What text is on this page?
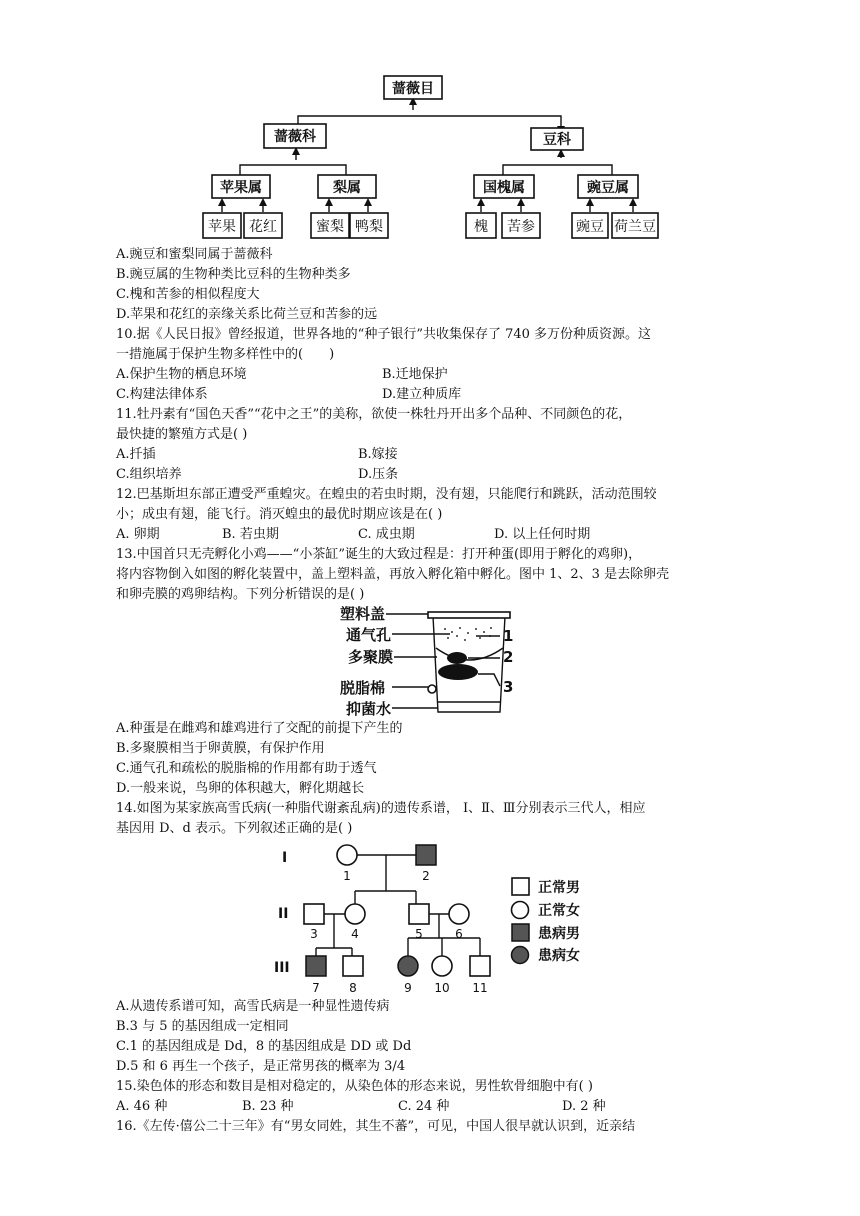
蔷薇目
蔷薇科	豆科
苹果属	梨属	国槐属	豌豆属
苹果 花红	蜜梨 鸭梨	槐 苦参	豌豆 荷兰豆
A.豌豆和蜜梨同属于蔷薇科
B.豌豆属的生物种类比豆科的生物种类多
C.槐和苦参的相似程度大
D.苹果和花红的亲缘关系比荷兰豆和苦参的远
10.据《人民日报》曾经报道，世界各地的“种子银行”共收集保存了 740 多万份种质资源。这
一措施属于保护生物多样性中的(　　)
A.保护生物的栖息环境	B.迁地保护
C.构建法律体系	D.建立种质库
11.牡丹素有“国色天香”“花中之王”的美称，欲使一株牡丹开出多个品种、不同颜色的花，
最快捷的繁殖方式是( )
A.扦插	B.嫁接
C.组织培养	D.压条
12.巴基斯坦东部正遭受严重蝗灾。在蝗虫的若虫时期，没有翅，只能爬行和跳跃，活动范围较
小；成虫有翅，能飞行。消灭蝗虫的最优时期应该是在( )
A. 卵期	B. 若虫期	C. 成虫期	D. 以上任何时期
13.中国首只无壳孵化小鸡——“小茶缸”诞生的大致过程是：打开种蛋(即用于孵化的鸡卵)，
将内容物倒入如图的孵化装置中，盖上塑料盖，再放入孵化箱中孵化。图中 1、2、3 是去除卵壳
和卵壳膜的鸡卵结构。下列分析错误的是( )
塑料盖
通气孔
多聚膜
脱脂棉
抑菌水
1
2
3
A.种蛋是在雌鸡和雄鸡进行了交配的前提下产生的
B.多聚膜相当于卵黄膜，有保护作用
C.通气孔和疏松的脱脂棉的作用都有助于透气
D.一般来说，鸟卵的体积越大，孵化期越长
14.如图为某家族高雪氏病(一种脂代谢紊乱病)的遗传系谱， Ⅰ、Ⅱ、Ⅲ分别表示三代人，相应
基因用 D、d 表示。下列叙述正确的是( )
I
II
III
1	2
3	4	5	6
7 8	9 10 11
正常男
正常女
患病男
患病女
A.从遗传系谱可知，高雪氏病是一种显性遗传病
B.3 与 5 的基因组成一定相同
C.1 的基因组成是 Dd，8 的基因组成是 DD 或 Dd
D.5 和 6 再生一个孩子，是正常男孩的概率为 3/4
15.染色体的形态和数目是相对稳定的，从染色体的形态来说，男性软骨细胞中有( )
A. 46 种	B. 23 种	C. 24 种	D. 2 种
16.《左传·僖公二十三年》有“男女同姓，其生不蕃”，可见，中国人很早就认识到，近亲结
